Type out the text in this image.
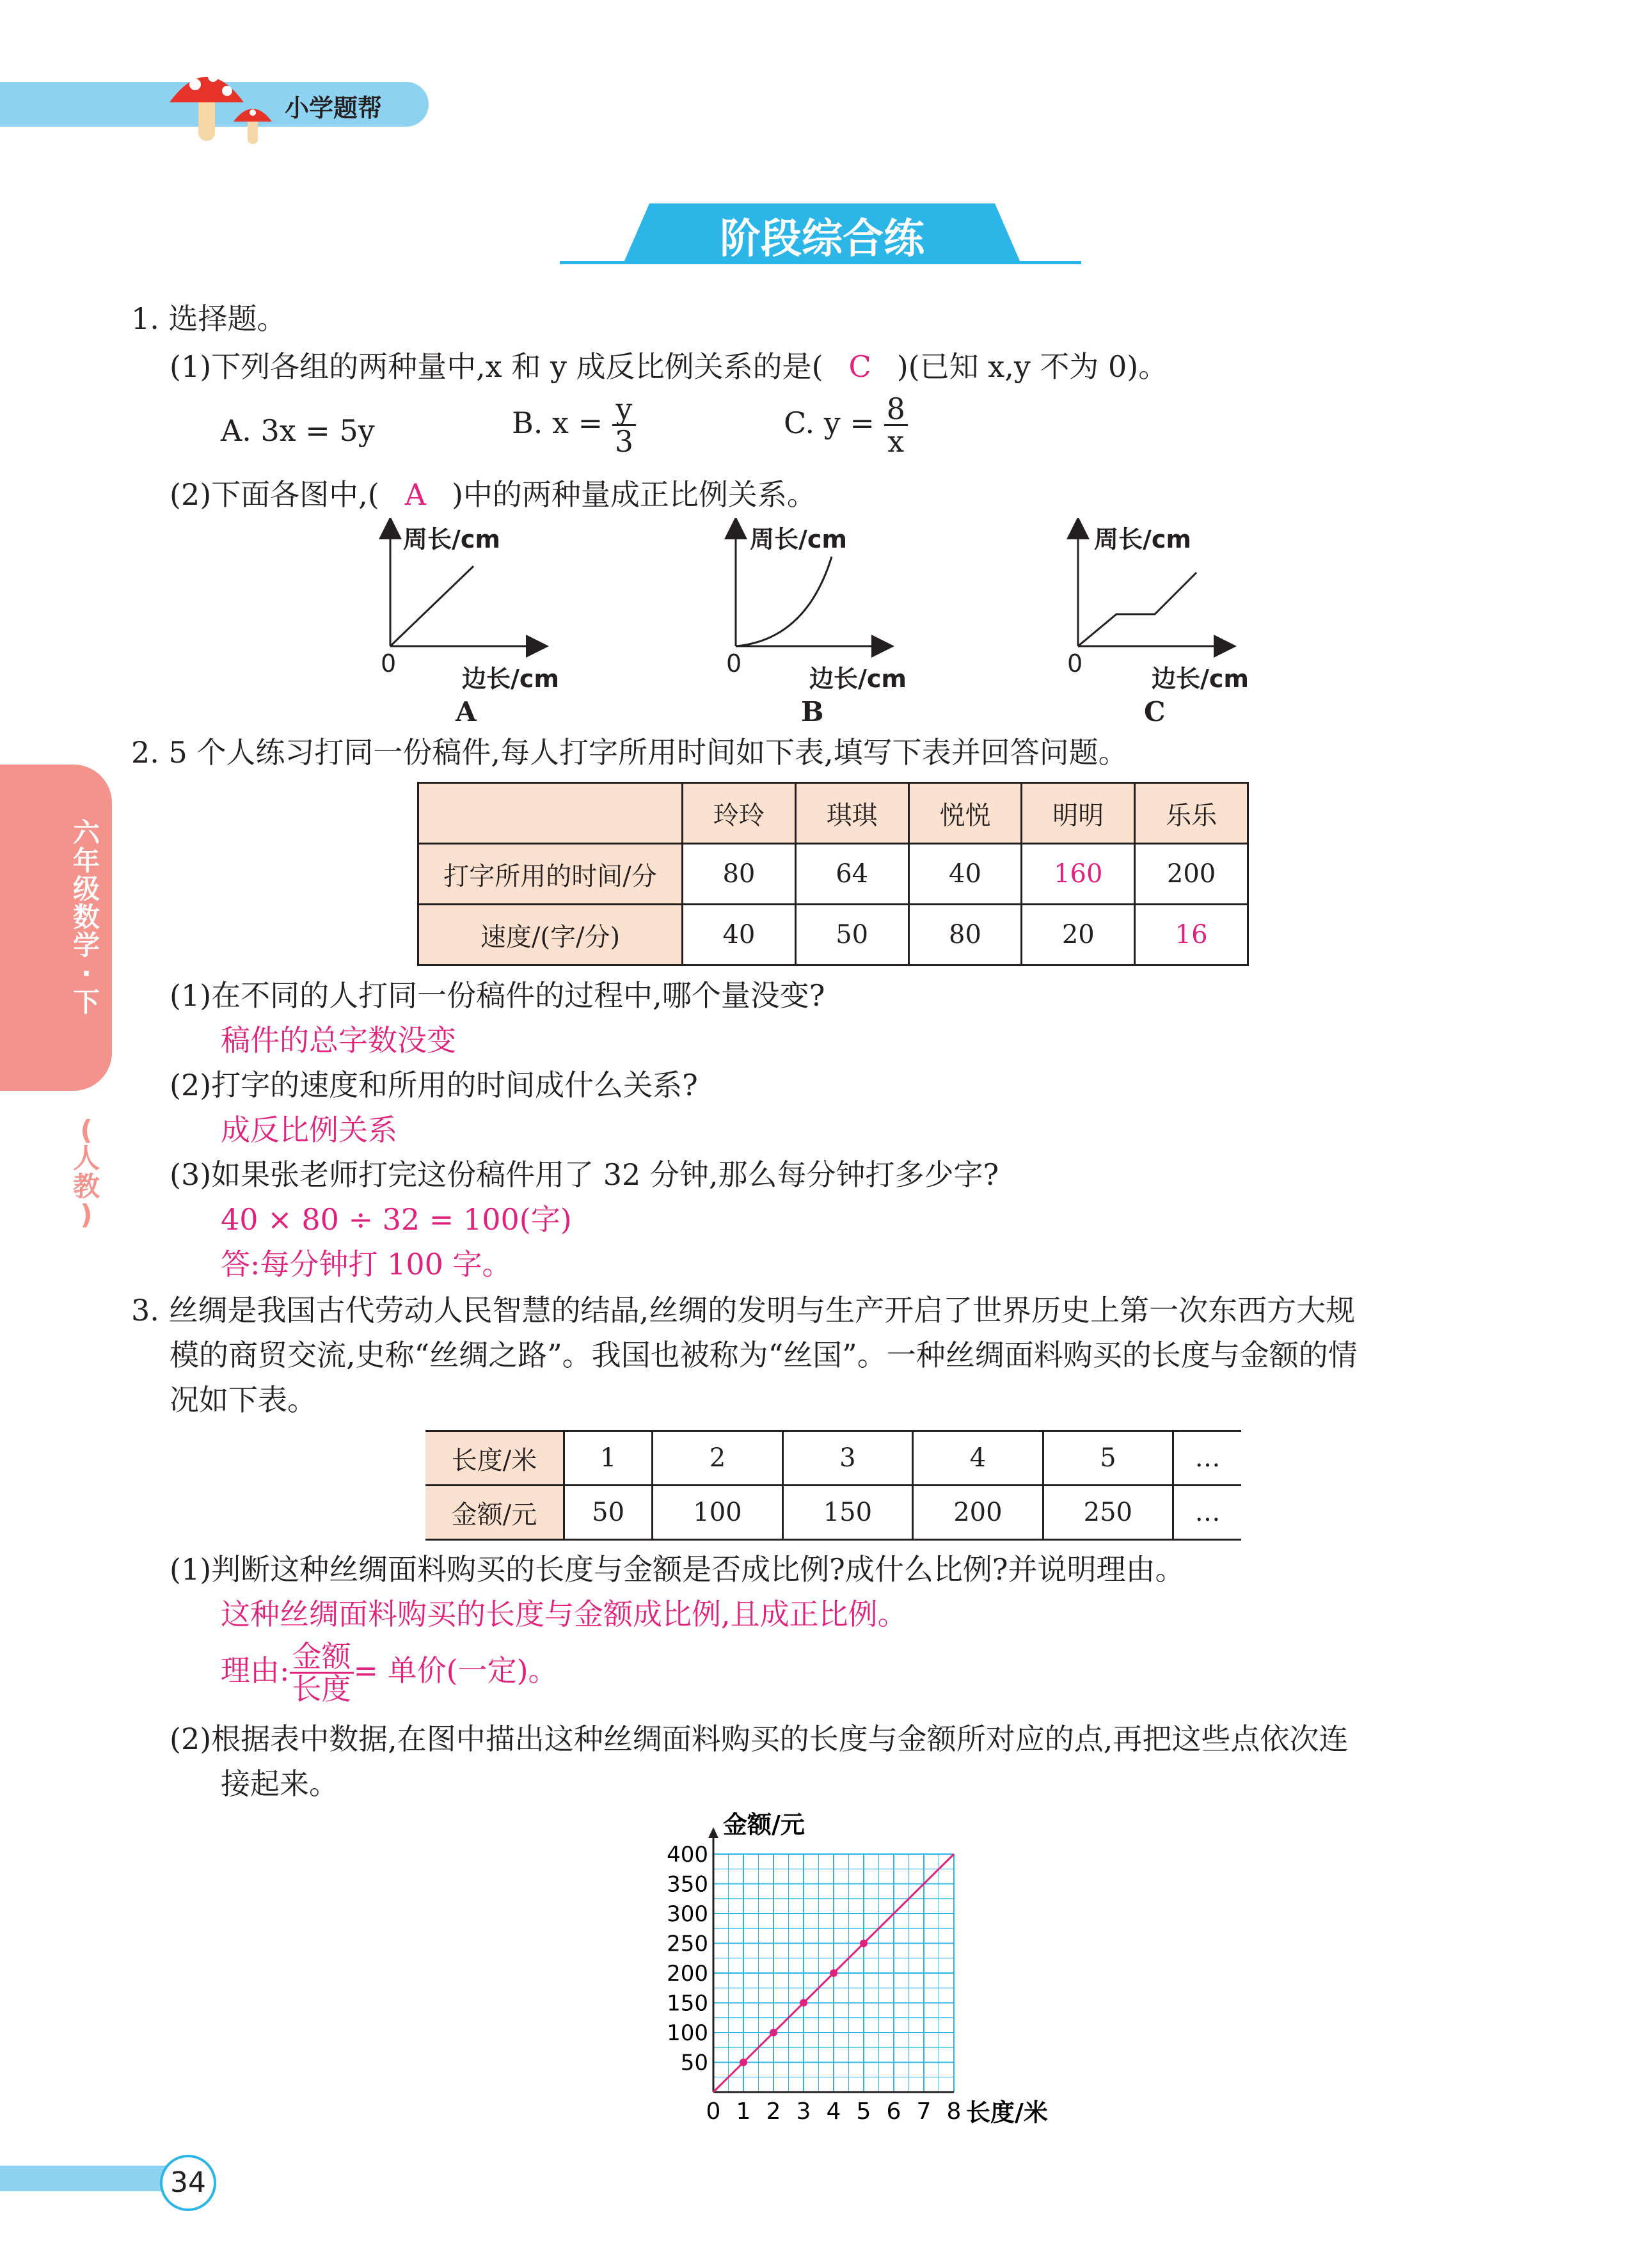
小学题帮
阶段综合练
六
年
级
数
学
·
下
(
人
教
)
1. 选择题。
(1)下列各组的两种量中,x 和 y 成反比例关系的是( C )(已知 x,y 不为 0)。
A. 3x = 5y	B. $x = \frac{y}{3}$	C. $y = \frac{8}{x}$
(2)下面各图中,( A )中的两种量成正比例关系。
周长/cm	周长/cm	周长/cm
0	0	0
边长/cm	边长/cm	边长/cm
A	B	C
2. 5 个人练习打同一份稿件,每人打字所用时间如下表,填写下表并回答问题。
	玲玲	琪琪	悦悦	明明	乐乐
打字所用的时间/分	80	64	40	160	200
速度/(字/分)	40	50	80	20	16
(1)在不同的人打同一份稿件的过程中,哪个量没变?
稿件的总字数没变
(2)打字的速度和所用的时间成什么关系?
成反比例关系
(3)如果张老师打完这份稿件用了 32 分钟,那么每分钟打多少字?
40 × 80 ÷ 32 = 100(字)
答:每分钟打 100 字。
3. 丝绸是我国古代劳动人民智慧的结晶,丝绸的发明与生产开启了世界历史上第一次东西方大规
模的商贸交流,史称“丝绸之路”。我国也被称为“丝国”。一种丝绸面料购买的长度与金额的情
况如下表。
长度/米	1	2	3	4	5	…
金额/元	50	100	150	200	250	…
(1)判断这种丝绸面料购买的长度与金额是否成比例?成什么比例?并说明理由。
这种丝绸面料购买的长度与金额成比例,且成正比例。
理由: $\frac{\text{金额}}{\text{长度}}$ = 单价(一定)。
(2)根据表中数据,在图中描出这种丝绸面料购买的长度与金额所对应的点,再把这些点依次连
接起来。
0 1 2 3 4 5 6 7 8
50
100
150
200
250
300
350
400
金额/元
长度/米
34
